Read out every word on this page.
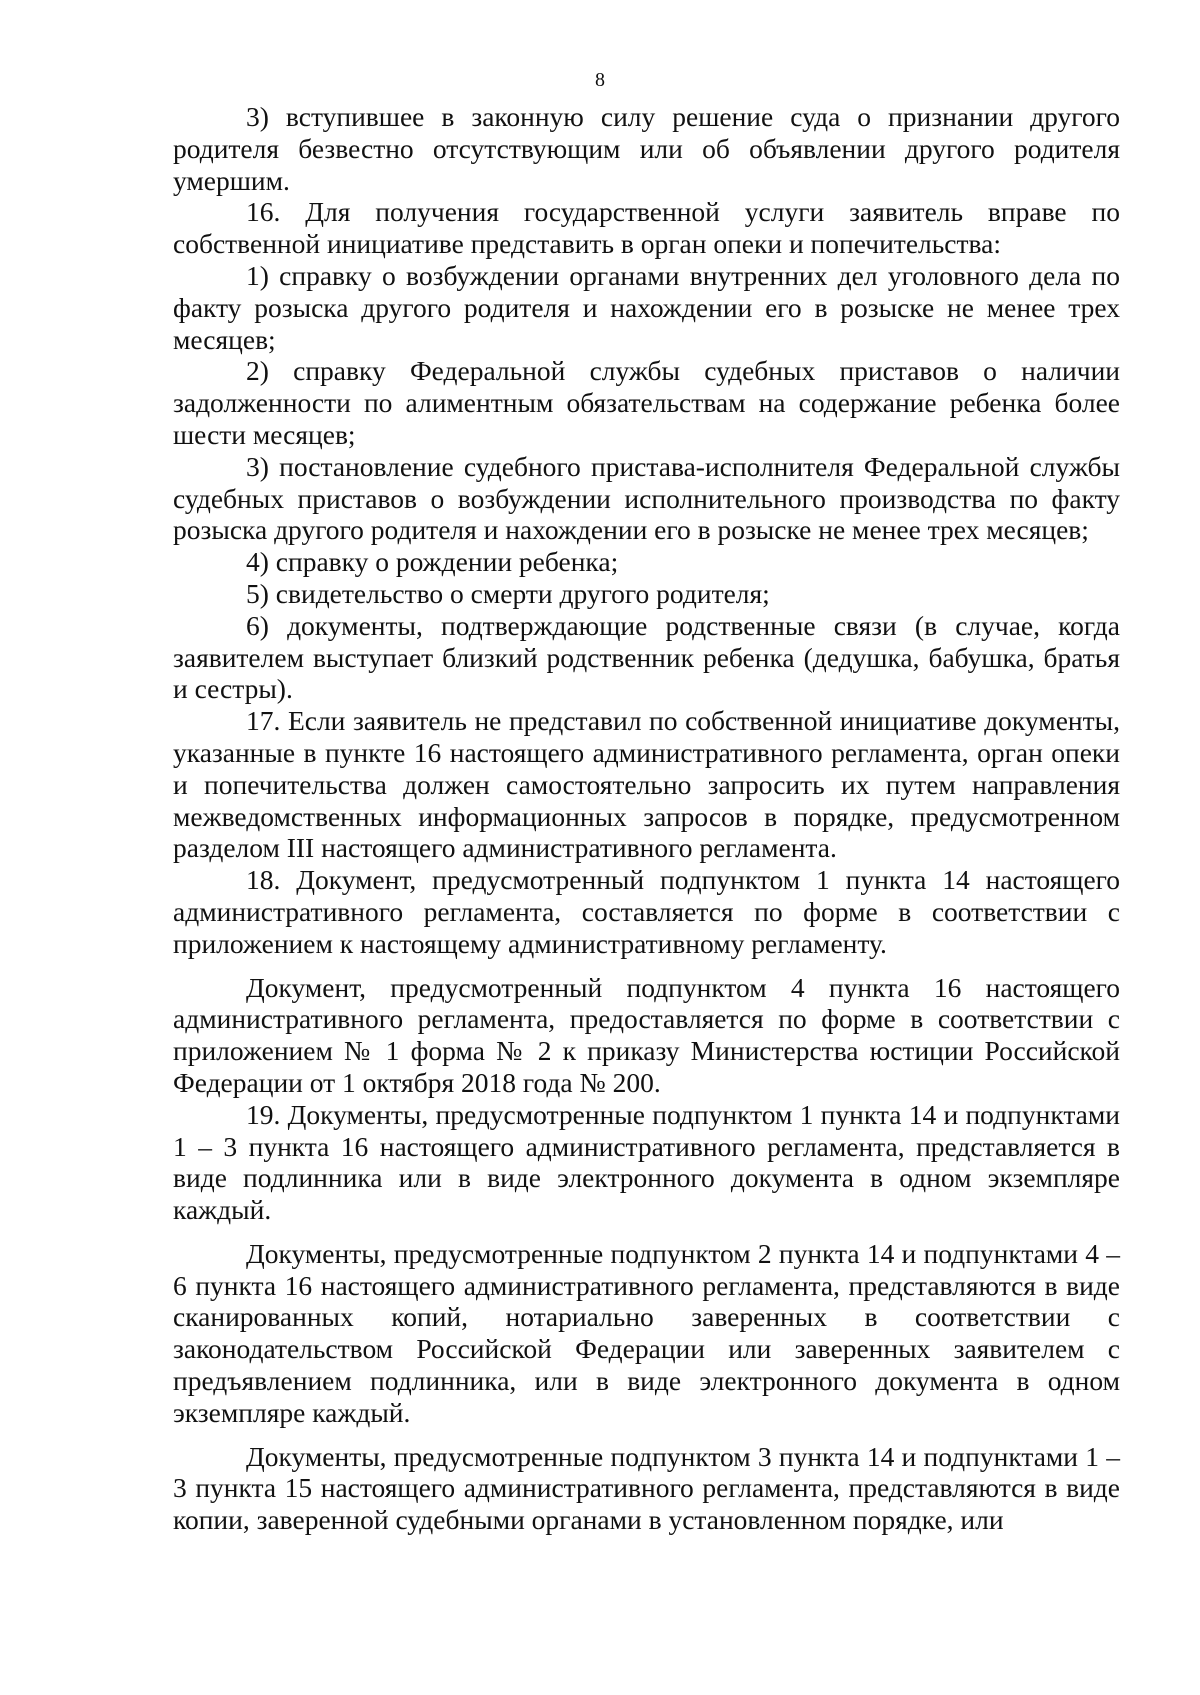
8

3) вступившее в законную силу решение суда о признании другого родителя безвестно отсутствующим или об объявлении другого родителя умершим.

16. Для получения государственной услуги заявитель вправе по собственной инициативе представить в орган опеки и попечительства:

1) справку о возбуждении органами внутренних дел уголовного дела по факту розыска другого родителя и нахождении его в розыске не менее трех месяцев;

2) справку Федеральной службы судебных приставов о наличии задолженности по алиментным обязательствам на содержание ребенка более шести месяцев;

3) постановление судебного пристава-исполнителя Федеральной службы судебных приставов о возбуждении исполнительного производства по факту розыска другого родителя и нахождении его в розыске не менее трех месяцев;

4) справку о рождении ребенка;

5) свидетельство о смерти другого родителя;

6) документы, подтверждающие родственные связи (в случае, когда заявителем выступает близкий родственник ребенка (дедушка, бабушка, братья и сестры).

17. Если заявитель не представил по собственной инициативе документы, указанные в пункте 16 настоящего административного регламента, орган опеки и попечительства должен самостоятельно запросить их путем направления межведомственных информационных запросов в порядке, предусмотренном разделом III настоящего административного регламента.

18. Документ, предусмотренный подпунктом 1 пункта 14 настоящего административного регламента, составляется по форме в соответствии с приложением к настоящему административному регламенту.

Документ, предусмотренный подпунктом 4 пункта 16 настоящего административного регламента, предоставляется по форме в соответствии с приложением № 1 форма № 2 к приказу Министерства юстиции Российской Федерации от 1 октября 2018 года № 200.

19. Документы, предусмотренные подпунктом 1 пункта 14 и подпунктами 1 – 3 пункта 16 настоящего административного регламента, представляется в виде подлинника или в виде электронного документа в одном экземпляре каждый.

Документы, предусмотренные подпунктом 2 пункта 14 и подпунктами 4 – 6 пункта 16 настоящего административного регламента, представляются в виде сканированных копий, нотариально заверенных в соответствии с законодательством Российской Федерации или заверенных заявителем с предъявлением подлинника, или в виде электронного документа в одном экземпляре каждый.

Документы, предусмотренные подпунктом 3 пункта 14 и подпунктами 1 – 3 пункта 15 настоящего административного регламента, представляются в виде копии, заверенной судебными органами в установленном порядке, или
